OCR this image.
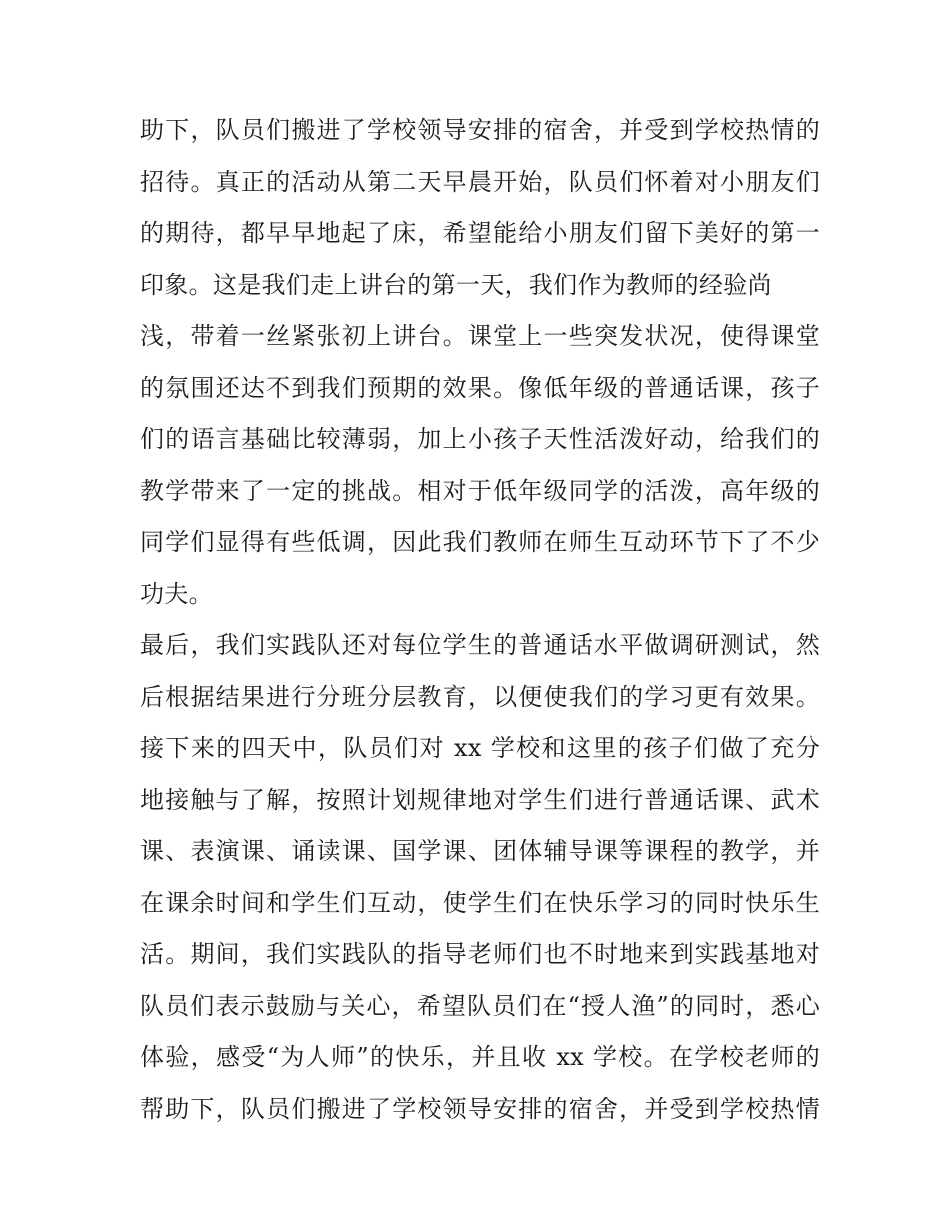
助下，队员们搬进了学校领导安排的宿舍，并受到学校热情的
招待。真正的活动从第二天早晨开始，队员们怀着对小朋友们
的期待，都早早地起了床，希望能给小朋友们留下美好的第一
印象。这是我们走上讲台的第一天，我们作为教师的经验尚
浅，带着一丝紧张初上讲台。课堂上一些突发状况，使得课堂
的氛围还达不到我们预期的效果。像低年级的普通话课，孩子
们的语言基础比较薄弱，加上小孩子天性活泼好动，给我们的
教学带来了一定的挑战。相对于低年级同学的活泼，高年级的
同学们显得有些低调，因此我们教师在师生互动环节下了不少
功夫。
最后，我们实践队还对每位学生的普通话水平做调研测试，然
后根据结果进行分班分层教育，以便使我们的学习更有效果。
接下来的四天中，队员们对 xx 学校和这里的孩子们做了充分
地接触与了解，按照计划规律地对学生们进行普通话课、武术
课、表演课、诵读课、国学课、团体辅导课等课程的教学，并
在课余时间和学生们互动，使学生们在快乐学习的同时快乐生
活。期间，我们实践队的指导老师们也不时地来到实践基地对
队员们表示鼓励与关心，希望队员们在“授人渔”的同时，悉心
体验，感受“为人师”的快乐，并且收 xx 学校。在学校老师的
帮助下，队员们搬进了学校领导安排的宿舍，并受到学校热情
